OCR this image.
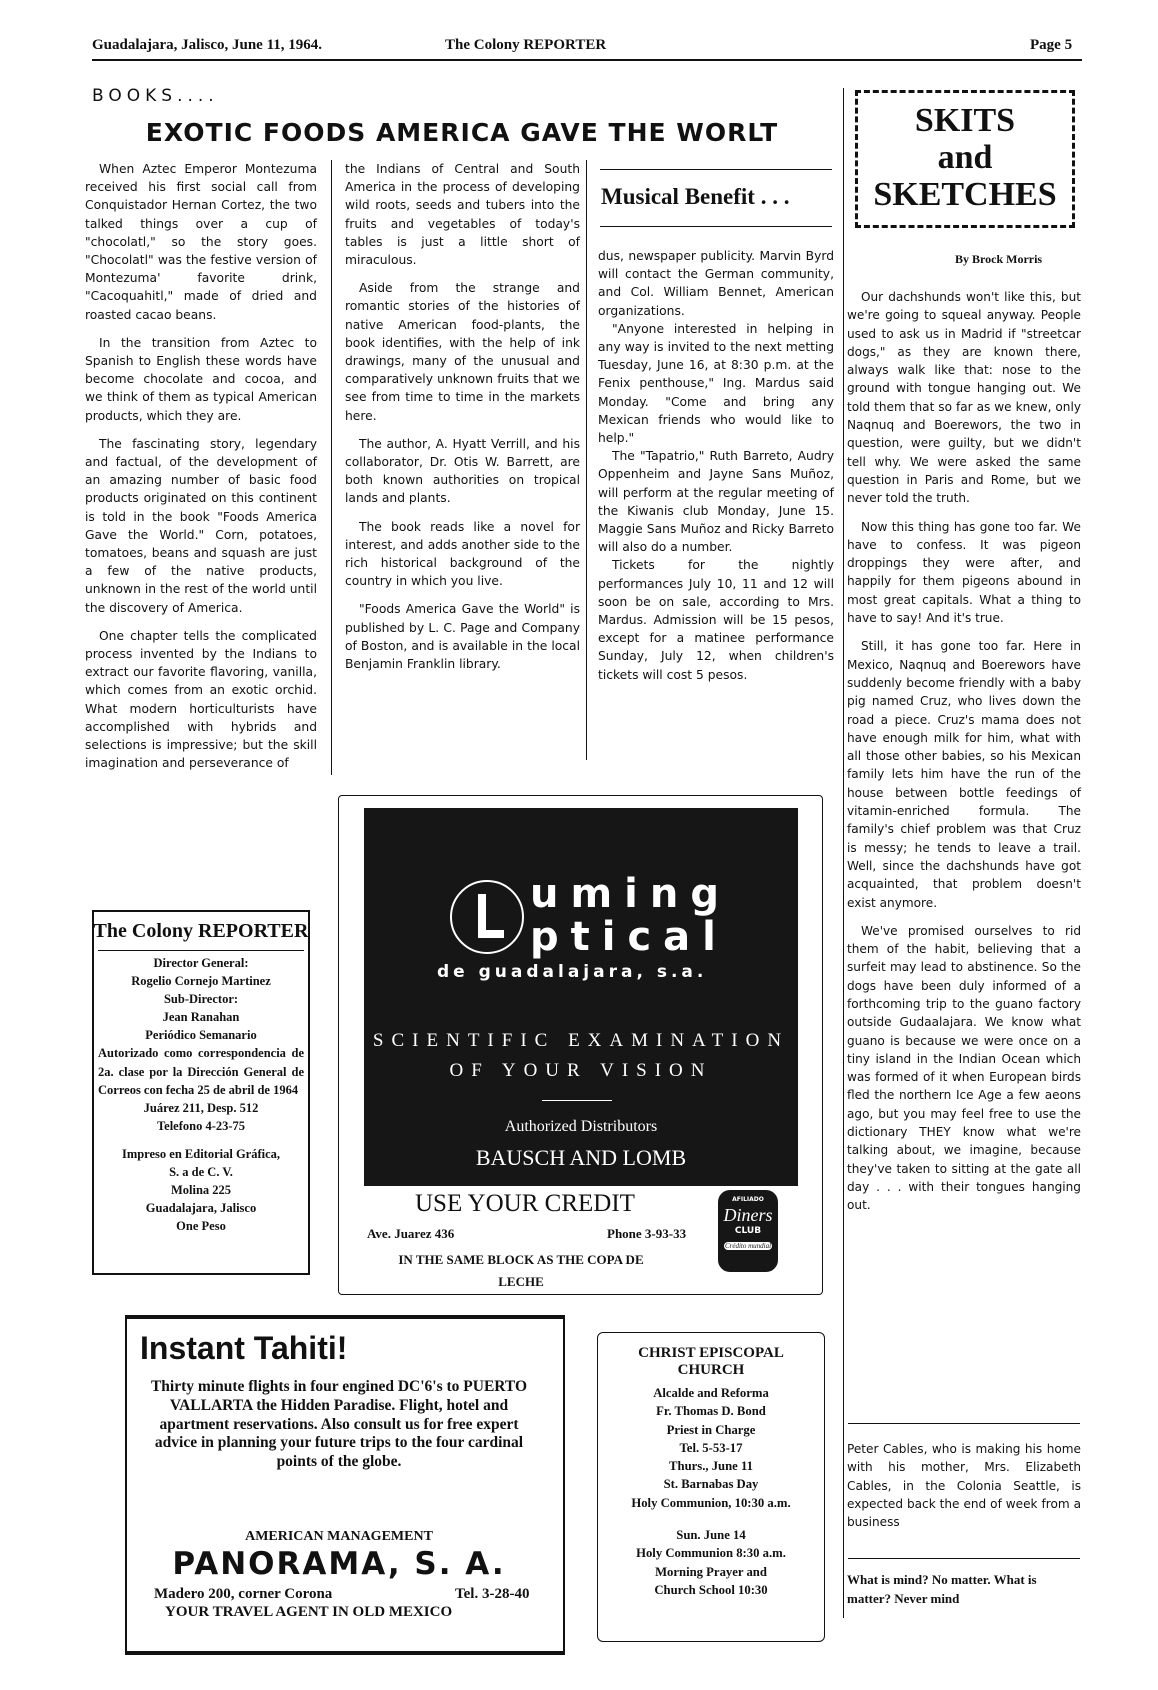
Guadalajara, Jalisco, June 11, 1964.	The Colony REPORTER	Page 5
BOOKS....
EXOTIC FOODS AMERICA GAVE THE WORLT

When Aztec Emperor Montezuma received his first social call from Conquistador Hernan Cortez, the two talked things over a cup of "chocolatl," so the story goes. "Chocolatl" was the festive version of Montezuma' favorite drink, "Cacoquahitl," made of dried and roasted cacao beans.

In the transition from Aztec to Spanish to English these words have become chocolate and cocoa, and we think of them as typical American products, which they are.

The fascinating story, legendary and factual, of the development of an amazing number of basic food products originated on this continent is told in the book "Foods America Gave the World." Corn, potatoes, tomatoes, beans and squash are just a few of the native products, unknown in the rest of the world until the discovery of America.

One chapter tells the complicated process invented by the Indians to extract our favorite flavoring, vanilla, which comes from an exotic orchid. What modern horticulturists have accomplished with hybrids and selections is impressive; but the skill imagination and perseverance of

the Indians of Central and South America in the process of developing wild roots, seeds and tubers into the fruits and vegetables of today's tables is just a little short of miraculous.

Aside from the strange and romantic stories of the histories of native American food-plants, the book identifies, with the help of ink drawings, many of the unusual and comparatively unknown fruits that we see from time to time in the markets here.

The author, A. Hyatt Verrill, and his collaborator, Dr. Otis W. Barrett, are both known authorities on tropical lands and plants.

The book reads like a novel for interest, and adds another side to the rich historical background of the country in which you live.

"Foods America Gave the World" is published by L. C. Page and Company of Boston, and is available in the local Benjamin Franklin library.

Musical Benefit . . .

dus, newspaper publicity. Marvin Byrd will contact the German community, and Col. William Bennet, American organizations.

"Anyone interested in helping in any way is invited to the next metting Tuesday, June 16, at 8:30 p.m. at the Fenix penthouse," Ing. Mardus said Monday. "Come and bring any Mexican friends who would like to help."

The "Tapatrio," Ruth Barreto, Audry Oppenheim and Jayne Sans Muñoz, will perform at the regular meeting of the Kiwanis club Monday, June 15. Maggie Sans Muñoz and Ricky Barreto will also do a number.

Tickets for the nightly performances July 10, 11 and 12 will soon be on sale, according to Mrs. Mardus. Admission will be 15 pesos, except for a matinee performance Sunday, July 12, when children's tickets will cost 5 pesos.

SKITS
and
SKETCHES
By Brock Morris

Our dachshunds won't like this, but we're going to squeal anyway. People used to ask us in Madrid if "streetcar dogs," as they are known there, always walk like that: nose to the ground with tongue hanging out. We told them that so far as we knew, only Naqnuq and Boerewors, the two in question, were guilty, but we didn't tell why. We were asked the same question in Paris and Rome, but we never told the truth.

Now this thing has gone too far. We have to confess. It was pigeon droppings they were after, and happily for them pigeons abound in most great capitals. What a thing to have to say! And it's true.

Still, it has gone too far. Here in Mexico, Naqnuq and Boerewors have suddenly become friendly with a baby pig named Cruz, who lives down the road a piece. Cruz's mama does not have enough milk for him, what with all those other babies, so his Mexican family lets him have the run of the house between bottle feedings of vitamin-enriched formula. The family's chief problem was that Cruz is messy; he tends to leave a trail. Well, since the dachshunds have got acquainted, that problem doesn't exist anymore.

We've promised ourselves to rid them of the habit, believing that a surfeit may lead to abstinence. So the dogs have been duly informed of a forthcoming trip to the guano factory outside Gudaalajara. We know what guano is because we were once on a tiny island in the Indian Ocean which was formed of it when European birds fled the northern Ice Age a few aeons ago, but you may feel free to use the dictionary THEY know what we're talking about, we imagine, because they've taken to sitting at the gate all day . . . with their tongues hanging out.

Peter Cables, who is making his home with his mother, Mrs. Elizabeth Cables, in the Colonia Seattle, is expected back the end of week from a business
What is mind? No matter. What is matter? Never mind
The Colony REPORTER
Director General:
Rogelio Cornejo Martinez
Sub-Director:
Jean Ranahan
Periódico Semanario
Autorizado como correspondencia de 2a. clase por la Dirección General de Correos con fecha 25 de abril de 1964
Juárez 211, Desp. 512
Telefono 4-23-75
Impreso en Editorial Gráfica,
S. a de C. V.
Molina 225
Guadalajara, Jalisco
One Peso
uming
ptical
de guadalajara, s.a.
SCIENTIFIC EXAMINATION
OF YOUR VISION
Authorized Distributors
BAUSCH AND LOMB
USE YOUR CREDIT
Ave. Juarez 436	Phone 3-93-33
IN THE SAME BLOCK AS THE COPA DE LECHE
AFILIADO
Diners
CLUB
Crédito mundial
Instant Tahiti!
Thirty minute flights in four engined DC'6's to PUERTO VALLARTA the Hidden Paradise. Flight, hotel and apartment reservations. Also consult us for free expert advice in planning your future trips to the four cardinal points of the globe.
AMERICAN MANAGEMENT
PANORAMA, S. A.
Madero 200, corner Corona	Tel. 3-28-40
YOUR TRAVEL AGENT IN OLD MEXICO
CHRIST EPISCOPAL CHURCH
Alcalde and Reforma
Fr. Thomas D. Bond
Priest in Charge
Tel. 5-53-17
Thurs., June 11
St. Barnabas Day
Holy Communion, 10:30 a.m.
Sun. June 14
Holy Communion 8:30 a.m.
Morning Prayer and
Church School 10:30
